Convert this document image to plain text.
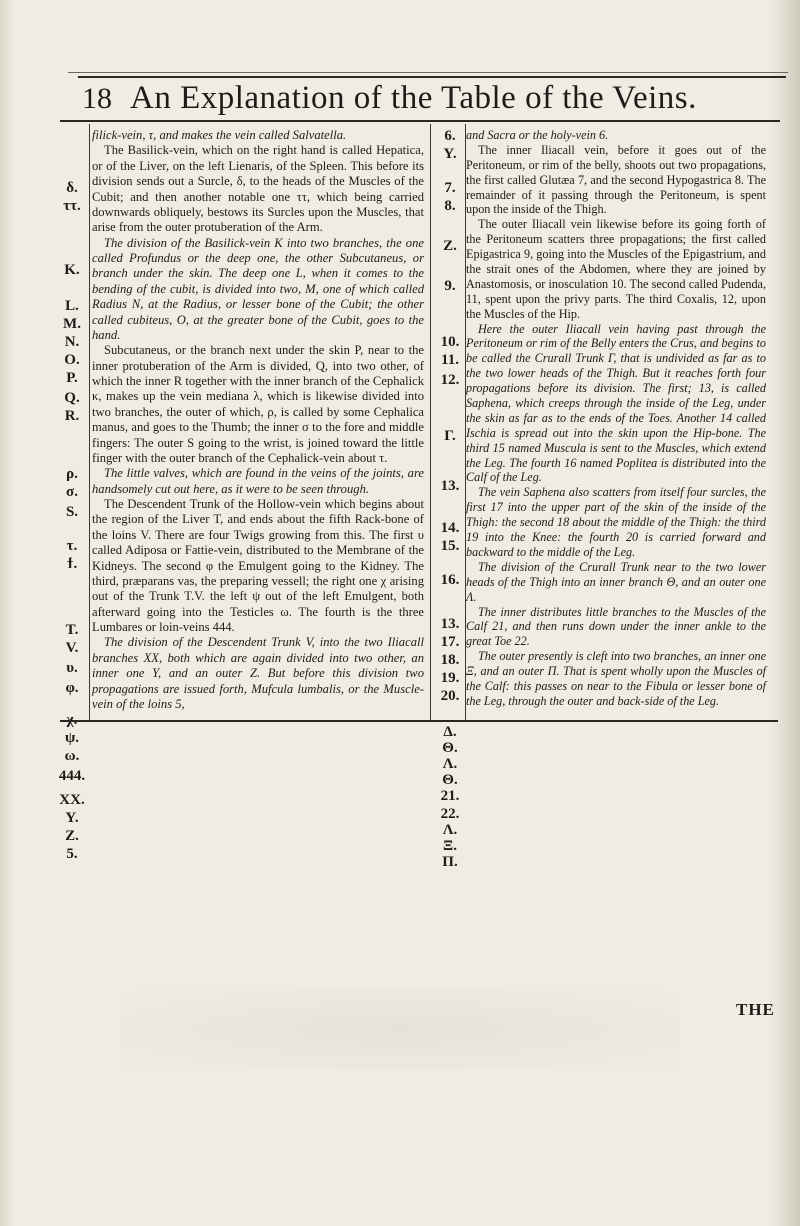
18 An Explanation of the Table of the Veins.
δ.
ττ.
K.
L.
M.
N.
O.
P.
Q.
R.
ρ.
σ.
S.
τ.
ϯ.
T.
V.
υ.
φ.
ψ.
ω.
444.
XX.
Y.
Z.
5.

filick-vein, τ, and makes the vein called Salvatella.

The Basilick-vein, which on the right hand is called Hepatica, or of the Liver, on the left Lienaris, of the Spleen. This before its division sends out a Surcle, δ, to the heads of the Muscles of the Cubit; and then another notable one ττ, which being carried downwards obliquely, bestows its Surcles upon the Muscles, that arise from the outer protuberation of the Arm.

The division of the Basilick-vein K into two branches, the one called Profundus or the deep one, the other Subcutaneus, or branch under the skin. The deep one L, when it comes to the bending of the cubit, is divided into two, M, one of which called Radius N, at the Radius, or lesser bone of the Cubit; the other called cubiteus, O, at the greater bone of the Cubit, goes to the hand.

Subcutaneus, or the branch next under the skin P, near to the inner protuberation of the Arm is divided, Q, into two other, of which the inner R together with the inner branch of the Cephalick κ, makes up the vein mediana λ, which is likewise divided into two branches, the outer of which, ρ, is called by some Cephalica manus, and goes to the Thumb; the inner σ to the fore and middle fingers: The outer S going to the wrist, is joined toward the little finger with the outer branch of the Cephalick-vein about τ.

The little valves, which are found in the veins of the joints, are handsomely cut out here, as it were to be seen through.

The Descendent Trunk of the Hollow-vein which begins about the region of the Liver T, and ends about the fifth Rack-bone of the loins V. There are four Twigs growing from this. The first υ called Adiposa or Fattie-vein, distributed to the Membrane of the Kidneys. The second φ the Emulgent going to the Kidney. The third, præparans vas, the preparing vessell; the right one χ arising out of the Trunk T.V. the left ψ out of the left Emulgent, both afterward going into the Testicles ω. The fourth is the three Lumbares or loin-veins 444.

The division of the Descendent Trunk V, into the two Iliacall branches XX, both which are again divided into two other, an inner one Y, and an outer Z. But before this division two propagations are issued forth, Mufcula lumbalis, or the Muscle-vein of the loins 5,

6.
Y.
7.
8.
Z.
9.
10.
11.
12.
Γ.
13.
14.
15.
16.
13.
17.
18.
19.
20.
Δ.
Θ.
Λ.
Θ.
21.
22.
Λ.
Ξ.
Π.

and Sacra or the holy-vein 6.

The inner Iliacall vein, before it goes out of the Peritoneum, or rim of the belly, shoots out two propagations, the first called Glutæa 7, and the second Hypogastrica 8. The remainder of it passing through the Peritoneum, is spent upon the inside of the Thigh.

The outer Iliacall vein likewise before its going forth of the Peritoneum scatters three propagations; the first called Epigastrica 9, going into the Muscles of the Epigastrium, and the strait ones of the Abdomen, where they are joined by Anastomosis, or inosculation 10. The second called Pudenda, 11, spent upon the privy parts. The third Coxalis, 12, upon the Muscles of the Hip.

Here the outer Iliacall vein having past through the Peritoneum or rim of the Belly enters the Crus, and begins to be called the Crurall Trunk Γ, that is undivided as far as to the two lower heads of the Thigh. But it reaches forth four propagations before its division. The first; 13, is called Saphena, which creeps through the inside of the Leg, under the skin as far as to the ends of the Toes. Another 14 called Ischia is spread out into the skin upon the Hip-bone. The third 15 named Muscula is sent to the Muscles, which extend the Leg. The fourth 16 named Poplitea is distributed into the Calf of the Leg.

The vein Saphena also scatters from itself four surcles, the first 17 into the upper part of the skin of the inside of the Thigh: the second 18 about the middle of the Thigh: the third 19 into the Knee: the fourth 20 is carried forward and backward to the middle of the Leg.

The division of the Crurall Trunk near to the two lower heads of the Thigh into an inner branch Θ, and an outer one Λ.

The inner distributes little branches to the Muscles of the Calf 21, and then runs down under the inner ankle to the great Toe 22.

The outer presently is cleft into two branches, an inner one Ξ, and an outer Π. That is spent wholly upon the Muscles of the Calf: this passes on near to the Fibula or lesser bone of the Leg, through the outer and back-side of the Leg.

THE
